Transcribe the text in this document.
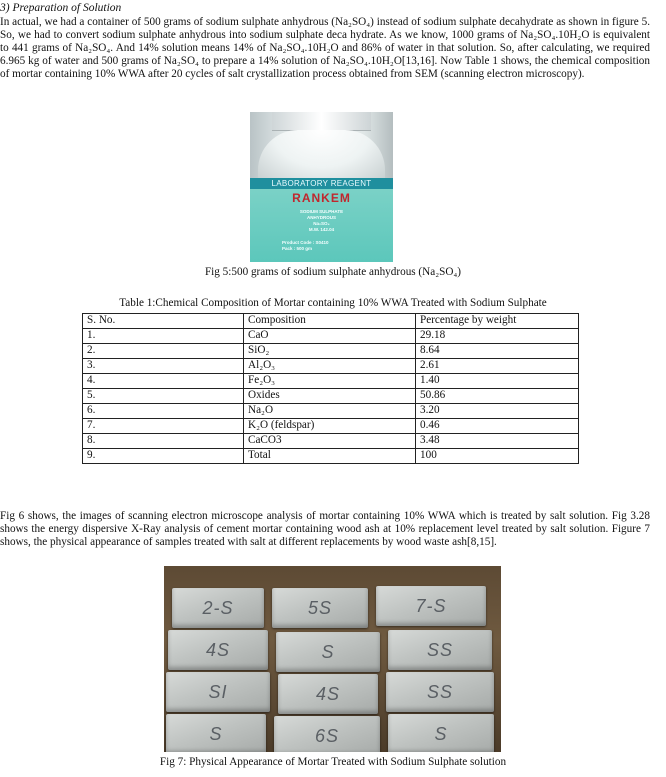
3) Preparation of Solution

In actual, we had a container of 500 grams of sodium sulphate anhydrous (Na₂SO₄) instead of sodium sulphate decahydrate as shown in figure 5. So, we had to convert sodium sulphate anhydrous into sodium sulphate deca hydrate. As we know, 1000 grams of Na₂SO₄.10H₂O is equivalent to 441 grams of Na₂SO₄. And 14% solution means 14% of Na₂SO₄.10H₂O and 86% of water in that solution. So, after calculating, we required 6.965 kg of water and 500 grams of Na₂SO₄ to prepare a 14% solution of Na₂SO₄.10H₂O[13,16]. Now Table 1 shows, the chemical composition of mortar containing 10% WWA after 20 cycles of salt crystallization process obtained from SEM (scanning electron microscopy).

LABORATORY REAGENT
RANKEM
SODIUM SULPHATE
ANHYDROUS
Na₂SO₄
M.W. 142.04
Product Code : S0410
Pack : 500 gm
Fig 5:500 grams of sodium sulphate anhydrous (Na₂SO₄)
Table 1:Chemical Composition of Mortar containing 10% WWA Treated with Sodium Sulphate
S. No.	Composition	Percentage by weight
1.	CaO	29.18
2.	SiO₂	8.64
3.	Al₂O₃	2.61
4.	Fe₂O₃	1.40
5.	Oxides	50.86
6.	Na₂O	3.20
7.	K₂O (feldspar)	0.46
8.	CaCO3	3.48
9.	Total	100

Fig 6 shows, the images of scanning electron microscope analysis of mortar containing 10% WWA which is treated by salt solution. Fig 3.28 shows the energy dispersive X-Ray analysis of cement mortar containing wood ash at 10% replacement level treated by salt solution. Figure 7 shows, the physical appearance of samples treated with salt at different replacements by wood waste ash[8,15].

2-S	5S	7-S
4S	S	SS
SI	4S	SS
S	6S	S
Fig 7: Physical Appearance of Mortar Treated with Sodium Sulphate solution
